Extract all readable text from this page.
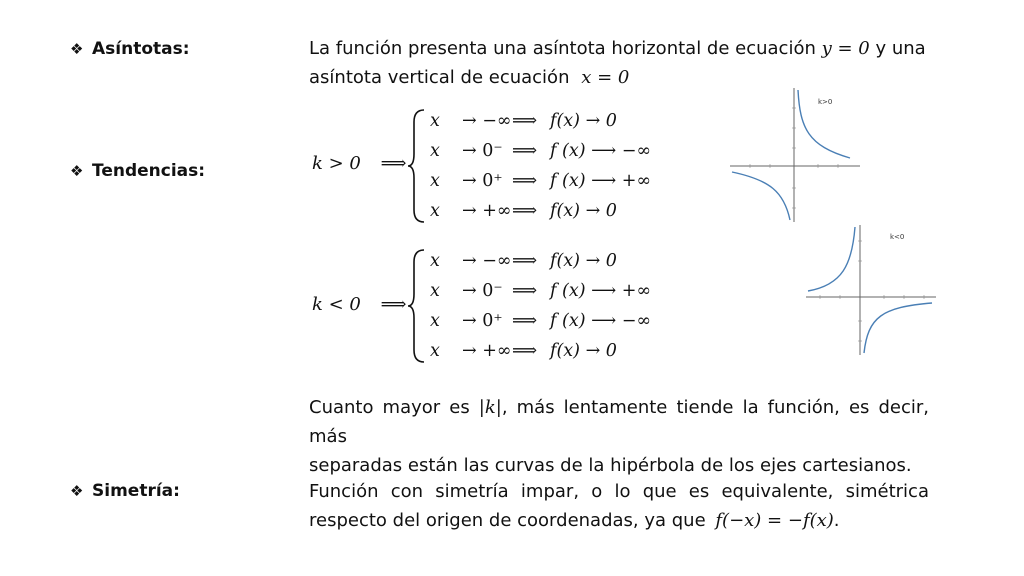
❖ Asíntotas:
❖ Tendencias:
❖ Simetría:
La función presenta una asíntota horizontal de ecuación y = 0 y una
asíntota vertical de ecuación x = 0
k > 0 ⟹
x → −∞⟹ f(x) → 0
x → 0⁻ ⟹ f (x) ⟶ −∞
x → 0⁺ ⟹ f (x) ⟶ +∞
x → +∞⟹ f(x) → 0
k>0
k < 0 ⟹
x → −∞⟹ f(x) → 0
x → 0⁻ ⟹ f (x) ⟶ +∞
x → 0⁺ ⟹ f (x) ⟶ −∞
x → +∞⟹ f(x) → 0
k<0
Cuanto mayor es |k|, más lentamente tiende la función, es decir, más
separadas están las curvas de la hipérbola de los ejes cartesianos.
Función con simetría impar, o lo que es equivalente, simétrica
respecto del origen de coordenadas, ya que f(−x) = −f(x).
